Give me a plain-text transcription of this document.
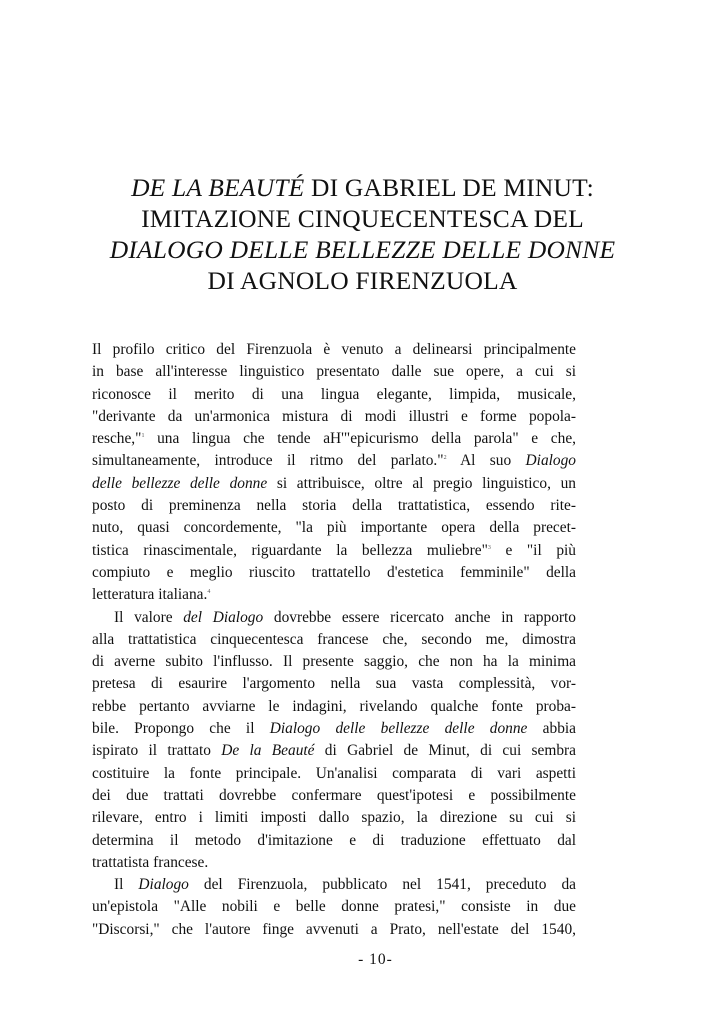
DE LA BEAUTÉ DI GABRIEL DE MINUT:
IMITAZIONE CINQUECENTESCA DEL
DIALOGO DELLE BELLEZZE DELLE DONNE
DI AGNOLO FIRENZUOLA

Il profilo critico del Firenzuola è venuto a delinearsi principalmente
in base all'interesse linguistico presentato dalle sue opere, a cui si
riconosce il merito di una lingua elegante, limpida, musicale,
"derivante da un'armonica mistura di modi illustri e forme popola-
resche,"$^1$ una lingua che tende aH'"epicurismo della parola" e che,
simultaneamente, introduce il ritmo del parlato."$^2$ Al suo Dialogo
delle bellezze delle donne si attribuisce, oltre al pregio linguistico, un
posto di preminenza nella storia della trattatistica, essendo rite-
nuto, quasi concordemente, "la più importante opera della precet-
tistica rinascimentale, riguardante la bellezza muliebre"$^3$ e "il più
compiuto e meglio riuscito trattatello d'estetica femminile" della
letteratura italiana.$^4$

Il valore del Dialogo dovrebbe essere ricercato anche in rapporto
alla trattatistica cinquecentesca francese che, secondo me, dimostra
di averne subito l'influsso. Il presente saggio, che non ha la minima
pretesa di esaurire l'argomento nella sua vasta complessità, vor-
rebbe pertanto avviarne le indagini, rivelando qualche fonte proba-
bile. Propongo che il Dialogo delle bellezze delle donne abbia
ispirato il trattato De la Beauté di Gabriel de Minut, di cui sembra
costituire la fonte principale. Un'analisi comparata di vari aspetti
dei due trattati dovrebbe confermare quest'ipotesi e possibilmente
rilevare, entro i limiti imposti dallo spazio, la direzione su cui si
determina il metodo d'imitazione e di traduzione effettuato dal
trattatista francese.

Il Dialogo del Firenzuola, pubblicato nel 1541, preceduto da
un'epistola "Alle nobili e belle donne pratesi," consiste in due
"Discorsi," che l'autore finge avvenuti a Prato, nell'estate del 1540,

- 10-
